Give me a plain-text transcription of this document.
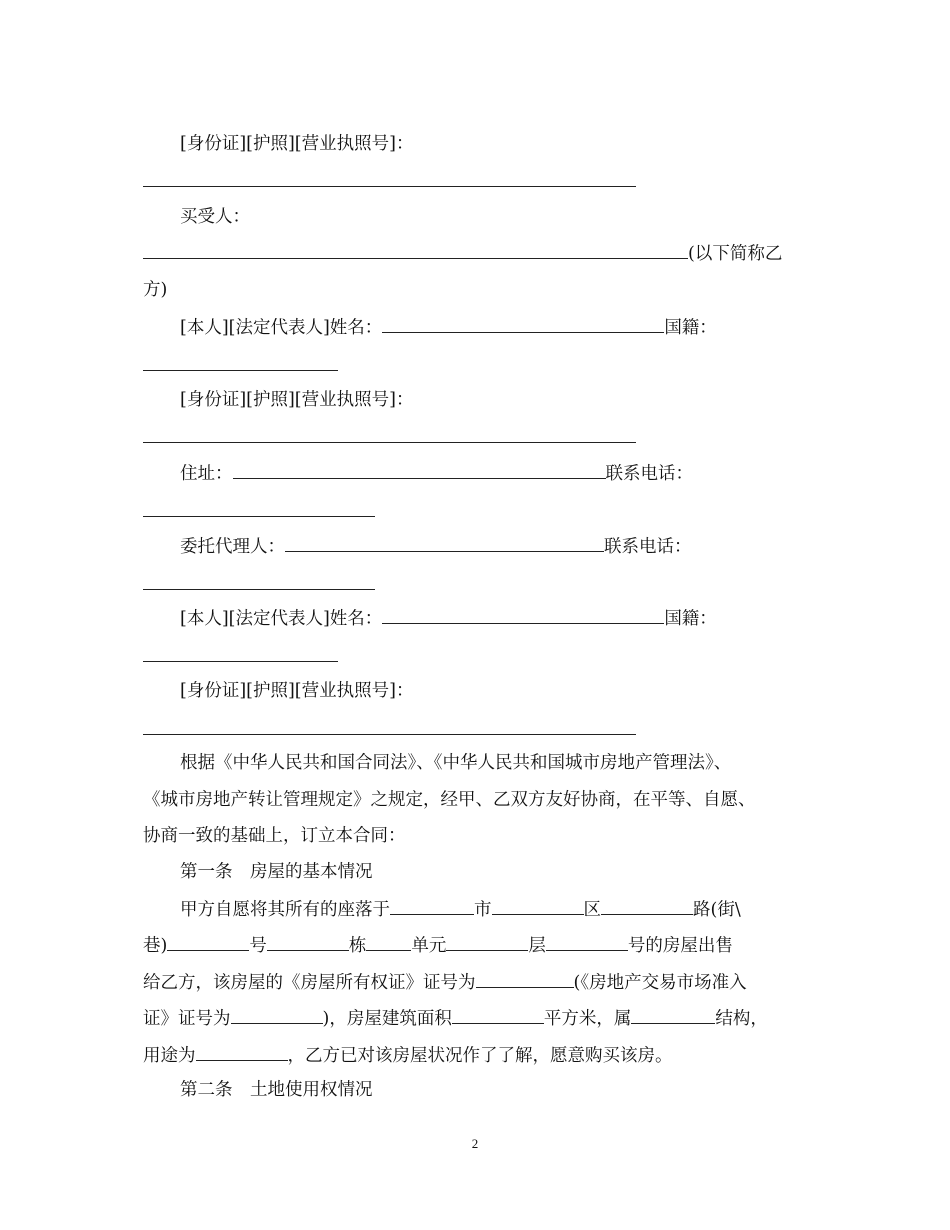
[身份证][护照][营业执照号]：
买受人：
(以下简称乙
方)
[本人][法定代表人]姓名：	国籍：
[身份证][护照][营业执照号]：
住址：	联系电话：
委托代理人：	联系电话：
[本人][法定代表人]姓名：	国籍：
[身份证][护照][营业执照号]：
根据《中华人民共和国合同法》、《中华人民共和国城市房地产管理法》、
《城市房地产转让管理规定》之规定，经甲、乙双方友好协商，在平等、自愿、
协商一致的基础上，订立本合同：
第一条　房屋的基本情况
甲方自愿将其所有的座落于	市	区	路(街\
巷)	号	栋	单元	层	号的房屋出售
给乙方，该房屋的《房屋所有权证》证号为	(《房地产交易市场准入
证》证号为	)，房屋建筑面积	平方米，属	结构，
用途为	，乙方已对该房屋状况作了了解，愿意购买该房。
第二条　土地使用权情况
2
